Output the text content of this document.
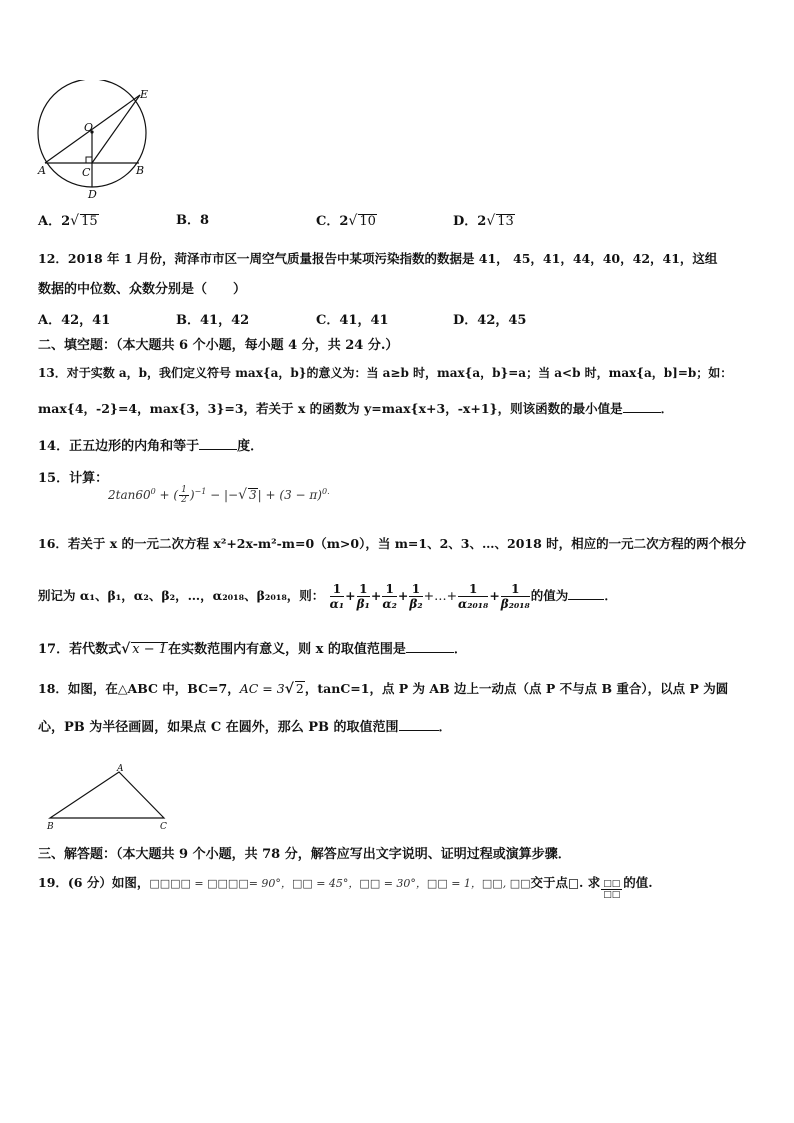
E
O
A	C	B
D
A．2√ 15	B．8	C．2√ 10	D．2√ 13
12．2018 年 1 月份，菏泽市市区一周空气质量报告中某项污染指数的数据是 41， 45，41，44，40，42，41，这组
数据的中位数、众数分别是（　　）
A．42，41	B．41，42	C．41，41	D．42，45
二、填空题：（本大题共 6 个小题，每小题 4 分，共 24 分.）
13．对于实数 a，b，我们定义符号 max{a，b}的意义为：当 a≥b 时，max{a，b}=a；当 a<b 时，max{a，b]=b；如：
max{4，-2}=4，max{3，3}=3，若关于 x 的函数为 y=max{x+3，-x+1}，则该函数的最小值是	．
14．正五边形的内角和等于	度．
15．计算：
$2\tan 60^0$ + ( $\frac{1}{2} )^{-1}$ − |−√ $3| + (3 - \pi)^{0.}$
16．若关于 x 的一元二次方程 x²+2x-m²-m=0（m>0），当 m=1、2、3、…、2018 时，相应的一元二次方程的两个根分
别记为 α₁、β₁，α₂、β₂，…，α₂₀₁₈、β₂₀₁₈，则： $\frac{1}{\text{α₁}} + \frac{1}{\text{β₁}} + \frac{1}{\text{α₂}} + \frac{1}{\text{β₂}}$ +…+ $\frac{1}{\text{α₂₀₁₈}} + \frac{1}{\text{β₂₀₁₈}}$ 的值为	．
17．若代数式√ x − 1在实数范围内有意义，则 x 的取值范围是	．
18．如图，在△ABC 中，BC=7，AC = 3√ 2，tanC=1，点 P 为 AB 边上一动点（点 P 不与点 B 重合），以点 P 为圆
心，PB 为半径画圆，如果点 C 在圆外，那么 PB 的取值范围	．
A
B	C
三、解答题：（本大题共 9 个小题，共 78 分，解答应写出文字说明、证明过程或演算步骤．
19．(6 分）如图，□□□□ = □□□□= 90°，□□ = 45°，□□ = 30°，□□ = 1，□□, □□交于点 . 求 $\frac{□□}{□□}$ 的值.
